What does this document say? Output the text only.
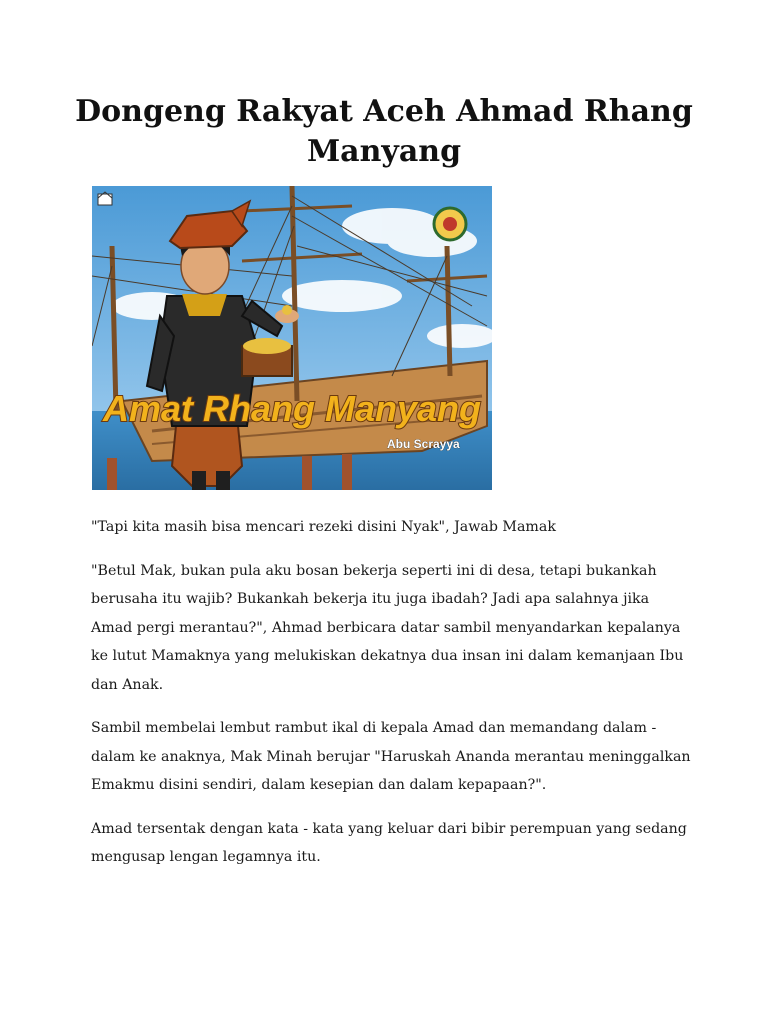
Dongeng Rakyat Aceh Ahmad Rhang Manyang
Amat Rhang Manyang
Abu Scrayya

"Tapi kita masih bisa mencari rezeki disini Nyak", Jawab Mamak

"Betul Mak, bukan pula aku bosan bekerja seperti ini di desa, tetapi bukankah berusaha itu wajib? Bukankah bekerja itu juga ibadah? Jadi apa salahnya jika Amad pergi merantau?", Ahmad berbicara datar sambil menyandarkan kepalanya ke lutut Mamaknya yang melukiskan dekatnya dua insan ini dalam kemanjaan Ibu dan Anak.

Sambil membelai lembut rambut ikal di kepala Amad dan memandang dalam - dalam ke anaknya, Mak Minah berujar "Haruskah Ananda merantau meninggalkan Emakmu disini sendiri, dalam kesepian dan dalam kepapaan?".

Amad tersentak dengan kata - kata yang keluar dari bibir perempuan yang sedang mengusap lengan legamnya itu.
